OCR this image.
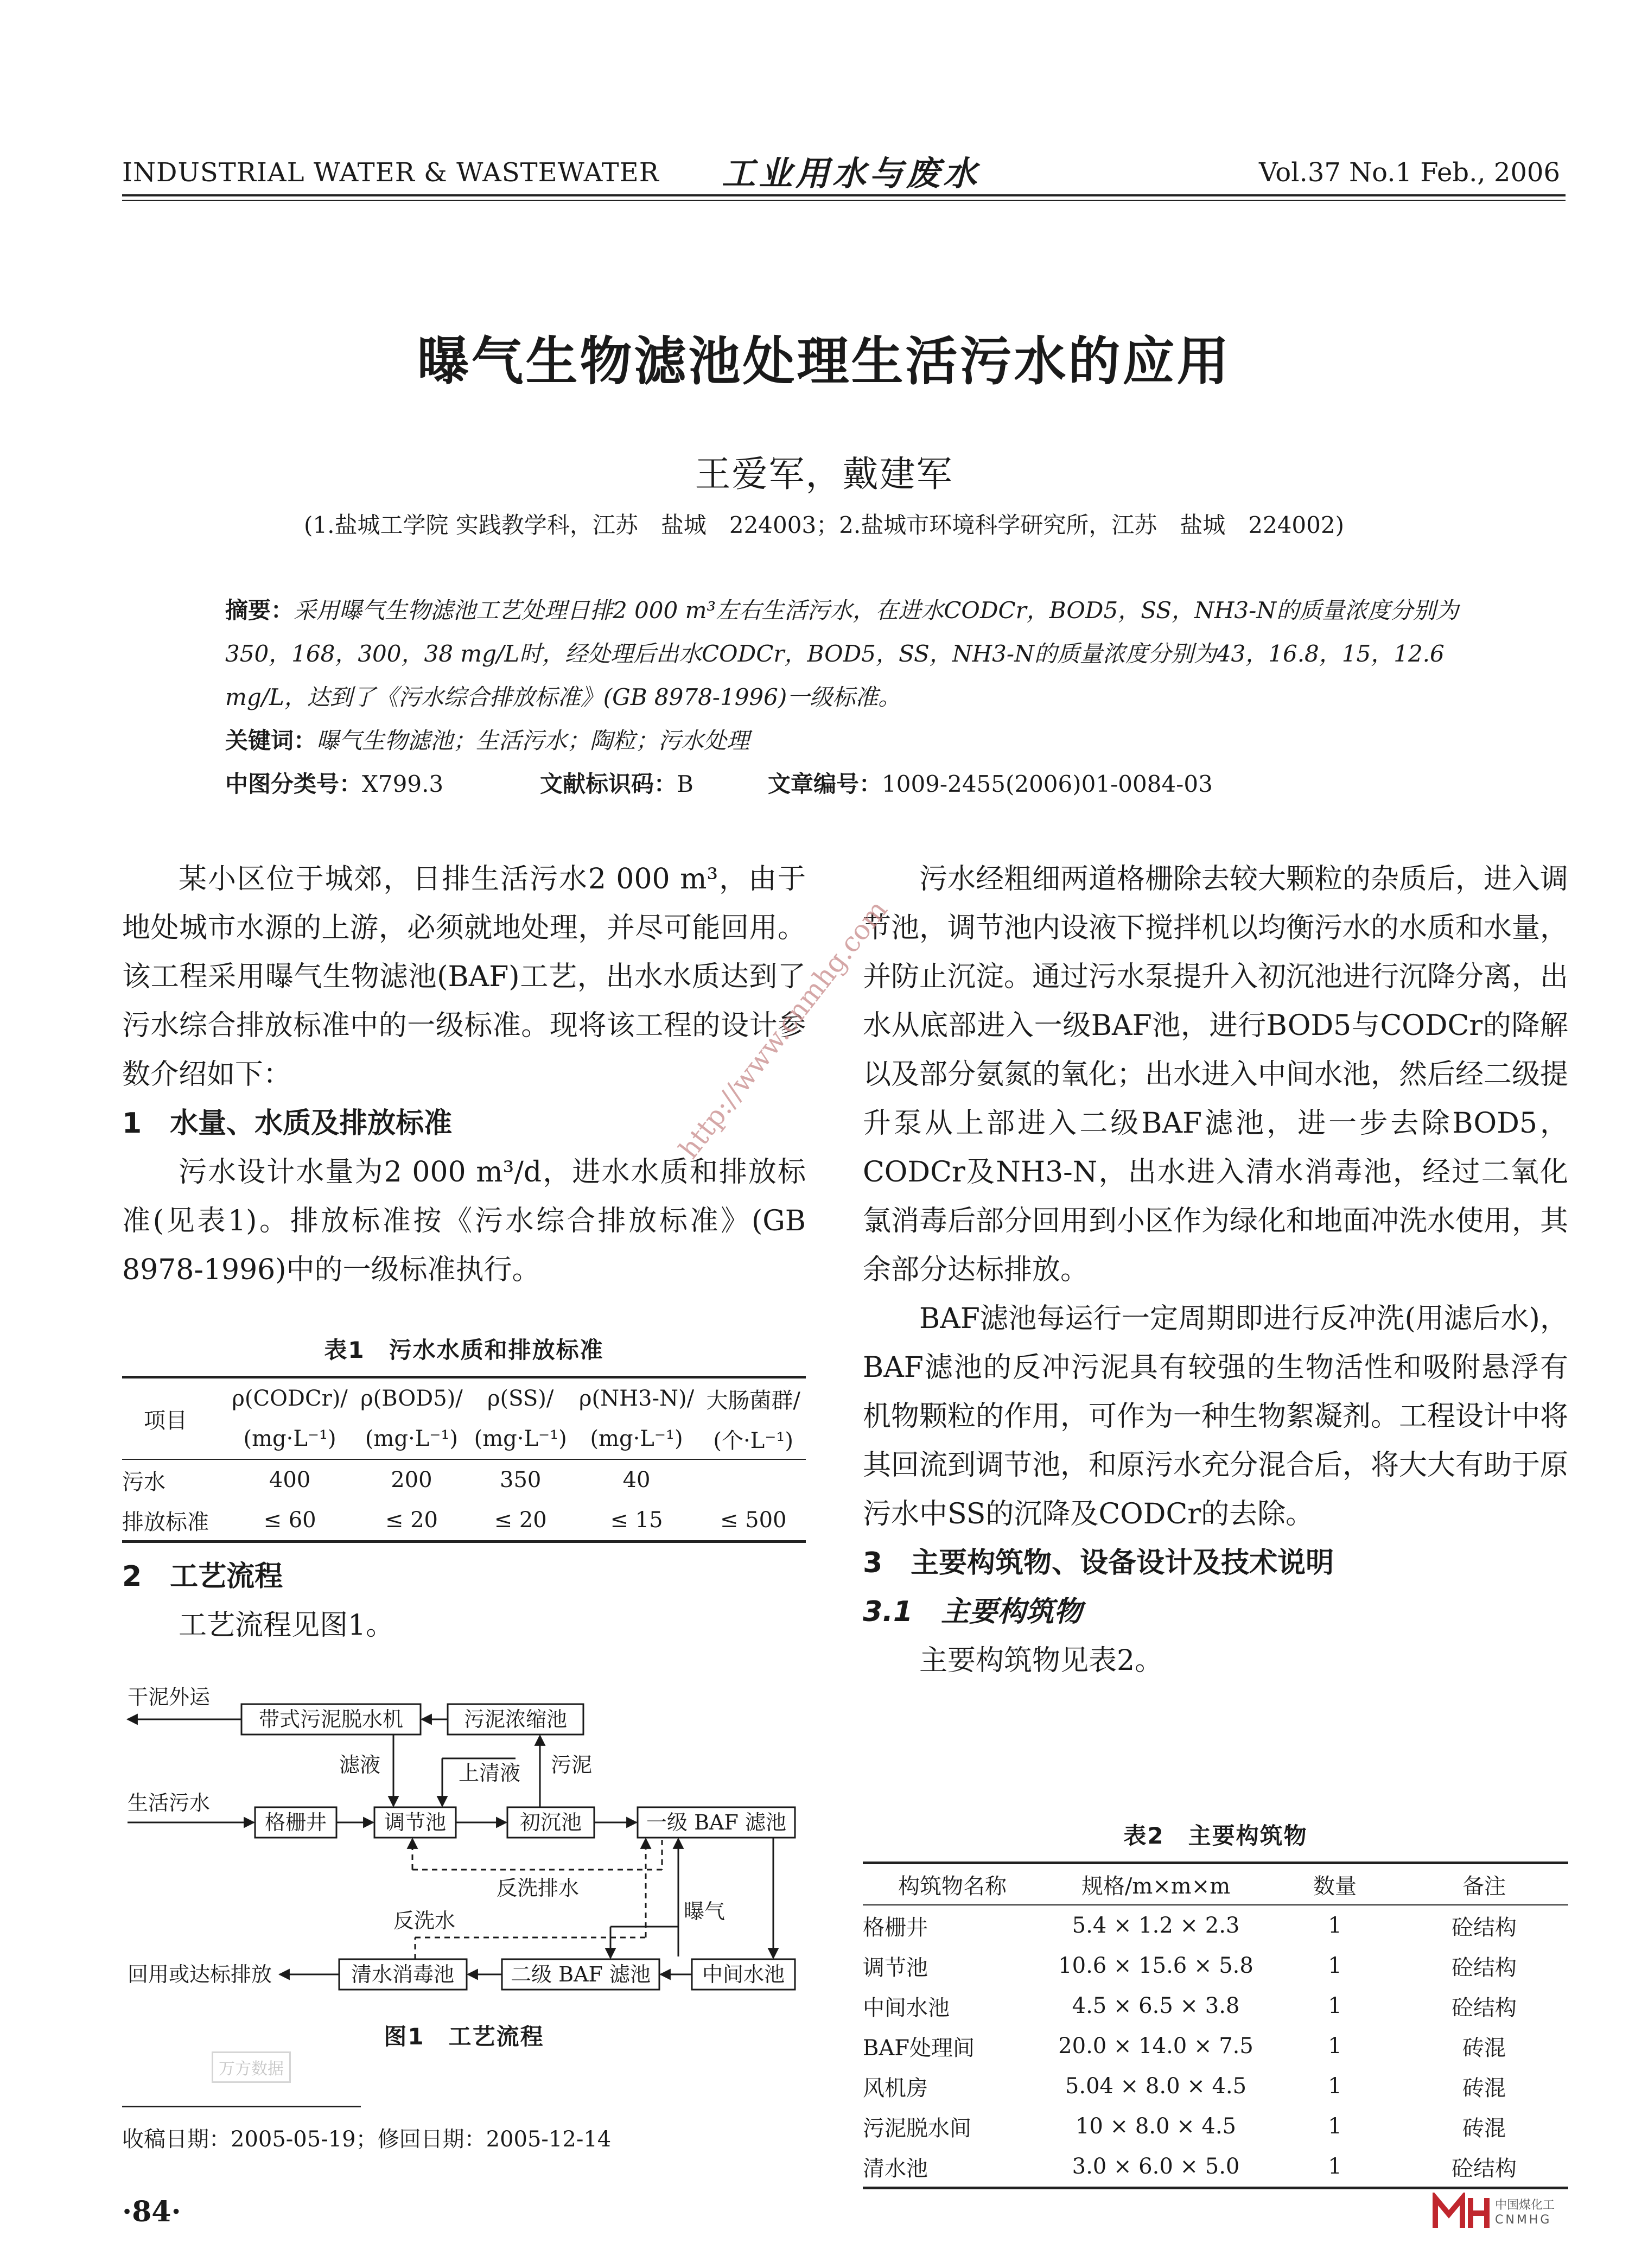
INDUSTRIAL WATER & WASTEWATER 工业用水与废水	Vol.37 No.1 Feb., 2006
曝气生物滤池处理生活污水的应用
王爱军，戴建军
(1.盐城工学院 实践教学科，江苏　盐城　224003；2.盐城市环境科学研究所，江苏　盐城　224002)
摘要：采用曝气生物滤池工艺处理日排2 000 m³左右生活污水，在进水CODCr，BOD5，SS，NH3-N的质量浓度分别为350，168，300，38 mg/L时，经处理后出水CODCr，BOD5，SS，NH3-N的质量浓度分别为43，16.8，15，12.6 mg/L，达到了《污水综合排放标准》(GB 8978-1996)一级标准。
关键词：曝气生物滤池；生活污水；陶粒；污水处理
中图分类号：X799.3	文献标识码：B	文章编号：1009-2455(2006)01-0084-03

某小区位于城郊，日排生活污水2 000 m³，由于地处城市水源的上游，必须就地处理，并尽可能回用。该工程采用曝气生物滤池(BAF)工艺，出水水质达到了污水综合排放标准中的一级标准。现将该工程的设计参数介绍如下：

1　水量、水质及排放标准

污水设计水量为2 000 m³/d，进水水质和排放标准(见表1)。排放标准按《污水综合排放标准》(GB 8978-1996)中的一级标准执行。

表1　污水水质和排放标准
项目	ρ(CODCr)/	ρ(BOD5)/	ρ(SS)/	ρ(NH3-N)/	大肠菌群/
	(mg·L⁻¹)	(mg·L⁻¹)	(mg·L⁻¹)	(mg·L⁻¹)	(个·L⁻¹)
污水	400	200	350	40	
排放标准	≤ 60	≤ 20	≤ 20	≤ 15	≤ 500
2　工艺流程

工艺流程见图1。

带式污泥脱水机	污泥浓缩池
格栅井	调节池	初沉池	一级 BAF 滤池
清水消毒池	二级 BAF 滤池	中间水池
干泥外运
生活污水
滤液	上清液 污泥
反洗排水
反洗水	曝气
回用或达标排放
图1　工艺流程

污水经粗细两道格栅除去较大颗粒的杂质后，进入调节池，调节池内设液下搅拌机以均衡污水的水质和水量，并防止沉淀。通过污水泵提升入初沉池进行沉降分离，出水从底部进入一级BAF池，进行BOD5与CODCr的降解以及部分氨氮的氧化；出水进入中间水池，然后经二级提升泵从上部进入二级BAF滤池，进一步去除BOD5，CODCr及NH3-N，出水进入清水消毒池，经过二氧化氯消毒后部分回用到小区作为绿化和地面冲洗水使用，其余部分达标排放。

BAF滤池每运行一定周期即进行反冲洗(用滤后水)，BAF滤池的反冲污泥具有较强的生物活性和吸附悬浮有机物颗粒的作用，可作为一种生物絮凝剂。工程设计中将其回流到调节池，和原污水充分混合后，将大大有助于原污水中SS的沉降及CODCr的去除。

3　主要构筑物、设备设计及技术说明
3.1　主要构筑物

主要构筑物见表2。

表2　主要构筑物
构筑物名称	规格/m×m×m	数量	备注
格栅井	5.4 × 1.2 × 2.3	1	砼结构
调节池	10.6 × 15.6 × 5.8	1	砼结构
中间水池	4.5 × 6.5 × 3.8	1	砼结构
BAF处理间	20.0 × 14.0 × 7.5	1	砖混
风机房	5.04 × 8.0 × 4.5	1	砖混
污泥脱水间	10 × 8.0 × 4.5	1	砖混
清水池	3.0 × 6.0 × 5.0	1	砼结构
http://www.cnmhg.com
万方数据
收稿日期：2005-05-19；修回日期：2005-12-14
·84·	中国煤化工
CNMHG
